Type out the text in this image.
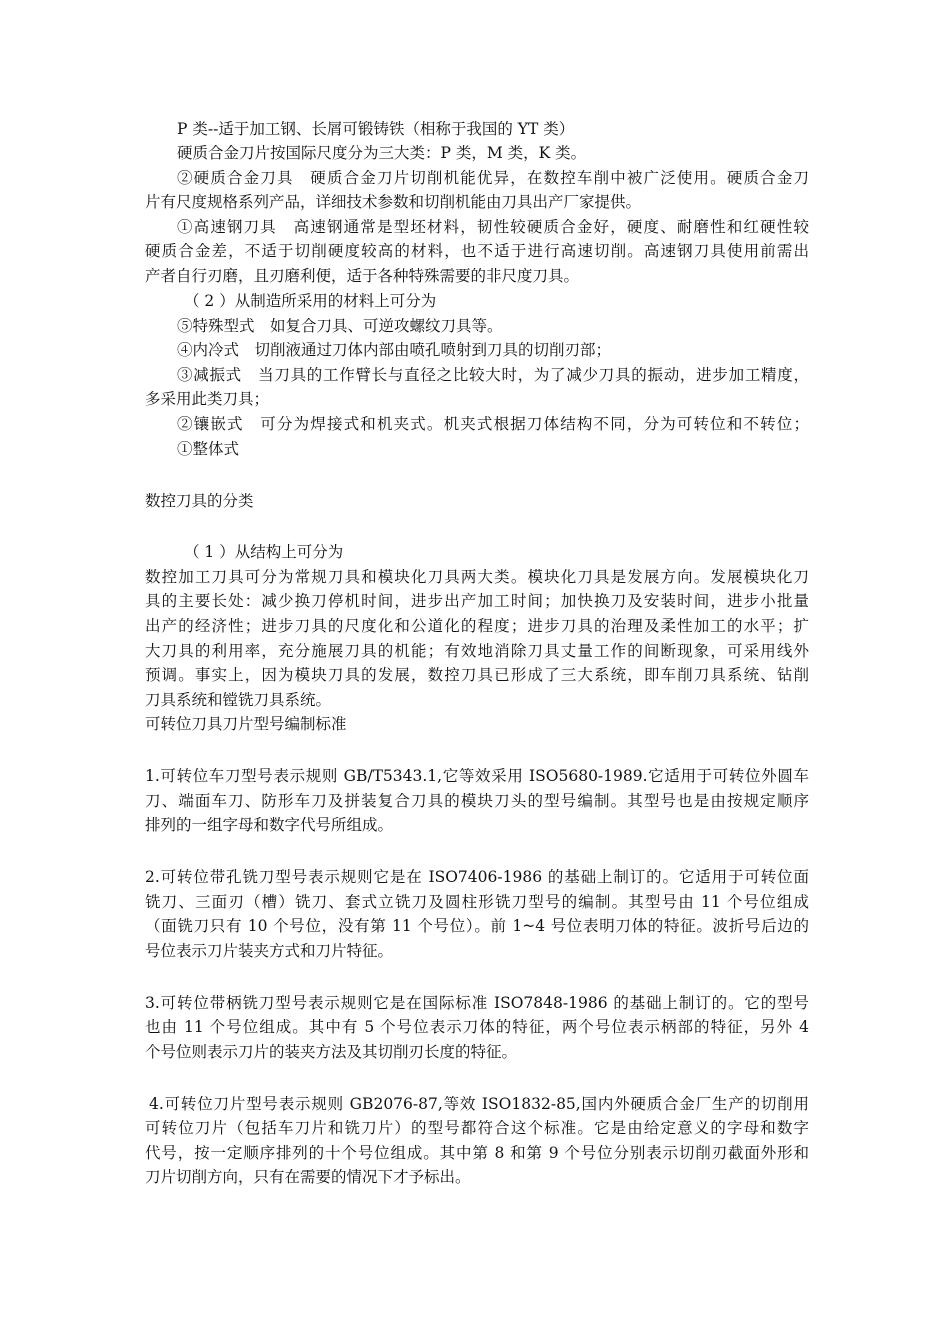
P 类--适于加工钢、长屑可锻铸铁（相称于我国的 YT 类）
硬质合金刀片按国际尺度分为三大类：P 类，M 类，K 类。
②硬质合金刀具　硬质合金刀片切削机能优异，在数控车削中被广泛使用。硬质合金刀
片有尺度规格系列产品，详细技术参数和切削机能由刀具出产厂家提供。
①高速钢刀具　高速钢通常是型坯材料，韧性较硬质合金好，硬度、耐磨性和红硬性较
硬质合金差，不适于切削硬度较高的材料，也不适于进行高速切削。高速钢刀具使用前需出
产者自行刃磨，且刃磨利便，适于各种特殊需要的非尺度刀具。
（ 2 ）从制造所采用的材料上可分为
⑤特殊型式　如复合刀具、可逆攻螺纹刀具等。
④内冷式　切削液通过刀体内部由喷孔喷射到刀具的切削刃部；
③减振式　当刀具的工作臂长与直径之比较大时，为了减少刀具的振动，进步加工精度，
多采用此类刀具；
②镶嵌式　可分为焊接式和机夹式。机夹式根据刀体结构不同，分为可转位和不转位；
①整体式
数控刀具的分类
（ 1 ）从结构上可分为
数控加工刀具可分为常规刀具和模块化刀具两大类。模块化刀具是发展方向。发展模块化刀
具的主要长处：减少换刀停机时间，进步出产加工时间；加快换刀及安装时间，进步小批量
出产的经济性；进步刀具的尺度化和公道化的程度；进步刀具的治理及柔性加工的水平；扩
大刀具的利用率，充分施展刀具的机能；有效地消除刀具丈量工作的间断现象，可采用线外
预调。事实上，因为模块刀具的发展，数控刀具已形成了三大系统，即车削刀具系统、钻削
刀具系统和镗铣刀具系统。
可转位刀具刀片型号编制标准
1.可转位车刀型号表示规则 GB/T5343.1,它等效采用 ISO5680-1989.它适用于可转位外圆车
刀、端面车刀、防形车刀及拼装复合刀具的模块刀头的型号编制。其型号也是由按规定顺序
排列的一组字母和数字代号所组成。
2.可转位带孔铣刀型号表示规则它是在 ISO7406-1986 的基础上制订的。它适用于可转位面
铣刀、三面刃（槽）铣刀、套式立铣刀及圆柱形铣刀型号的编制。其型号由 11 个号位组成
（面铣刀只有 10 个号位，没有第 11 个号位）。前 1~4 号位表明刀体的特征。波折号后边的
号位表示刀片装夹方式和刀片特征。
3.可转位带柄铣刀型号表示规则它是在国际标准 ISO7848-1986 的基础上制订的。它的型号
也由 11 个号位组成。其中有 5 个号位表示刀体的特征，两个号位表示柄部的特征，另外 4
个号位则表示刀片的装夹方法及其切削刃长度的特征。
4.可转位刀片型号表示规则 GB2076-87,等效 ISO1832-85,国内外硬质合金厂生产的切削用
可转位刀片（包括车刀片和铣刀片）的型号都符合这个标准。它是由给定意义的字母和数字
代号，按一定顺序排列的十个号位组成。其中第 8 和第 9 个号位分别表示切削刃截面外形和
刀片切削方向，只有在需要的情况下才予标出。
